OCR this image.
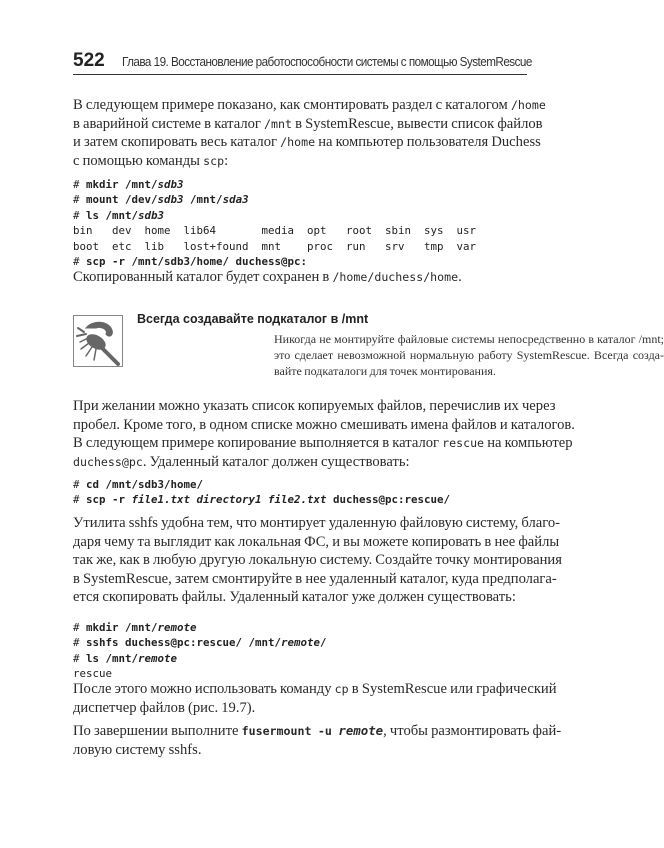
522 Глава 19. Восстановление работоспособности системы с помощью SystemRescue
В следующем примере показано, как смонтировать раздел с каталогом /home
в аварийной системе в каталог /mnt в SystemRescue, вывести список файлов
и затем скопировать весь каталог /home на компьютер пользователя Duchess
с помощью команды scp:
# mkdir /mnt/sdb3
# mount /dev/sdb3 /mnt/sda3
# ls /mnt/sdb3
bin   dev  home  lib64       media  opt   root  sbin  sys  usr
boot  etc  lib   lost+found  mnt    proc  run   srv   tmp  var
# scp -r /mnt/sdb3/home/ duchess@pc:
Скопированный каталог будет сохранен в /home/duchess/home.
Всегда создавайте подкаталог в /mnt
Никогда не монтируйте файловые системы непосредственно в каталог /mnt;
это сделает невозможной нормальную работу SystemRescue. Всегда созда-
вайте подкаталоги для точек монтирования.
При желании можно указать список копируемых файлов, перечислив их через
пробел. Кроме того, в одном списке можно смешивать имена файлов и каталогов.
В следующем примере копирование выполняется в каталог rescue на компьютер
duchess@pc. Удаленный каталог должен существовать:
# cd /mnt/sdb3/home/
# scp -r file1.txt directory1 file2.txt duchess@pc:rescue/
Утилита sshfs удобна тем, что монтирует удаленную файловую систему, благо-
даря чему та выглядит как локальная ФС, и вы можете копировать в нее файлы
так же, как в любую другую локальную систему. Создайте точку монтирования
в SystemRescue, затем смонтируйте в нее удаленный каталог, куда предполага-
ется скопировать файлы. Удаленный каталог уже должен существовать:
# mkdir /mnt/remote
# sshfs duchess@pc:rescue/ /mnt/remote/
# ls /mnt/remote
rescue
После этого можно использовать команду cp в SystemRescue или графический
диспетчер файлов (рис. 19.7).
По завершении выполните fusermount -u remote, чтобы размонтировать фай-
ловую систему sshfs.
